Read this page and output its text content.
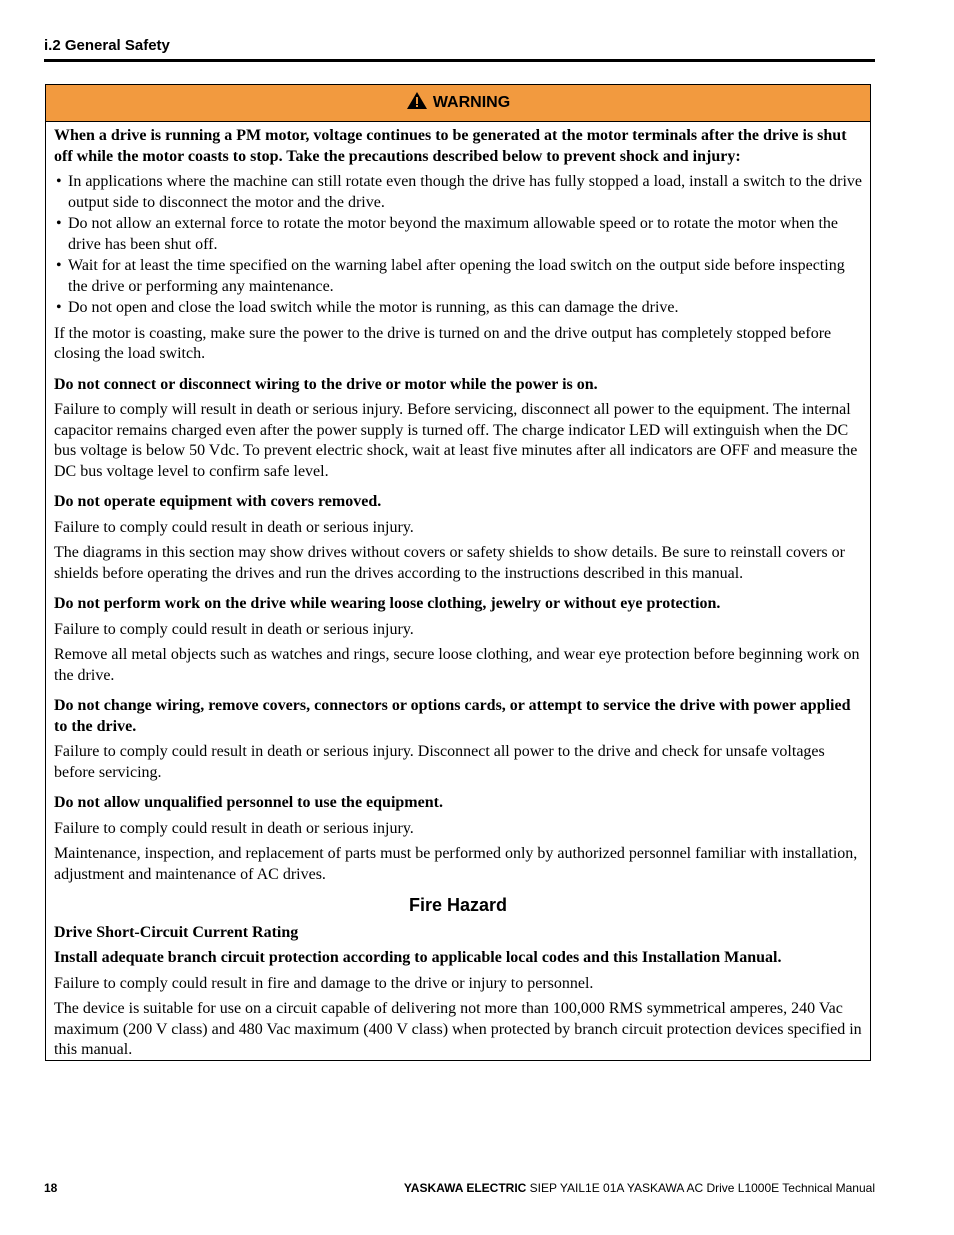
i.2 General Safety
WARNING

When a drive is running a PM motor, voltage continues to be generated at the motor terminals after the drive is shut off while the motor coasts to stop. Take the precautions described below to prevent shock and injury:

• In applications where the machine can still rotate even though the drive has fully stopped a load, install a switch to the drive output side to disconnect the motor and the drive.
• Do not allow an external force to rotate the motor beyond the maximum allowable speed or to rotate the motor when the drive has been shut off.
• Wait for at least the time specified on the warning label after opening the load switch on the output side before inspecting the drive or performing any maintenance.
• Do not open and close the load switch while the motor is running, as this can damage the drive.

If the motor is coasting, make sure the power to the drive is turned on and the drive output has completely stopped before closing the load switch.

Do not connect or disconnect wiring to the drive or motor while the power is on.

Failure to comply will result in death or serious injury. Before servicing, disconnect all power to the equipment. The internal capacitor remains charged even after the power supply is turned off. The charge indicator LED will extinguish when the DC bus voltage is below 50 Vdc. To prevent electric shock, wait at least five minutes after all indicators are OFF and measure the DC bus voltage level to confirm safe level.

Do not operate equipment with covers removed.

Failure to comply could result in death or serious injury.

The diagrams in this section may show drives without covers or safety shields to show details. Be sure to reinstall covers or shields before operating the drives and run the drives according to the instructions described in this manual.

Do not perform work on the drive while wearing loose clothing, jewelry or without eye protection.

Failure to comply could result in death or serious injury.

Remove all metal objects such as watches and rings, secure loose clothing, and wear eye protection before beginning work on the drive.

Do not change wiring, remove covers, connectors or options cards, or attempt to service the drive with power applied to the drive.

Failure to comply could result in death or serious injury. Disconnect all power to the drive and check for unsafe voltages before servicing.

Do not allow unqualified personnel to use the equipment.

Failure to comply could result in death or serious injury.

Maintenance, inspection, and replacement of parts must be performed only by authorized personnel familiar with installation, adjustment and maintenance of AC drives.

Fire Hazard

Drive Short-Circuit Current Rating

Install adequate branch circuit protection according to applicable local codes and this Installation Manual.

Failure to comply could result in fire and damage to the drive or injury to personnel.

The device is suitable for use on a circuit capable of delivering not more than 100,000 RMS symmetrical amperes, 240 Vac maximum (200 V class) and 480 Vac maximum (400 V class) when protected by branch circuit protection devices specified in this manual.

18	YASKAWA ELECTRIC SIEP YAIL1E 01A YASKAWA AC Drive L1000E Technical Manual
